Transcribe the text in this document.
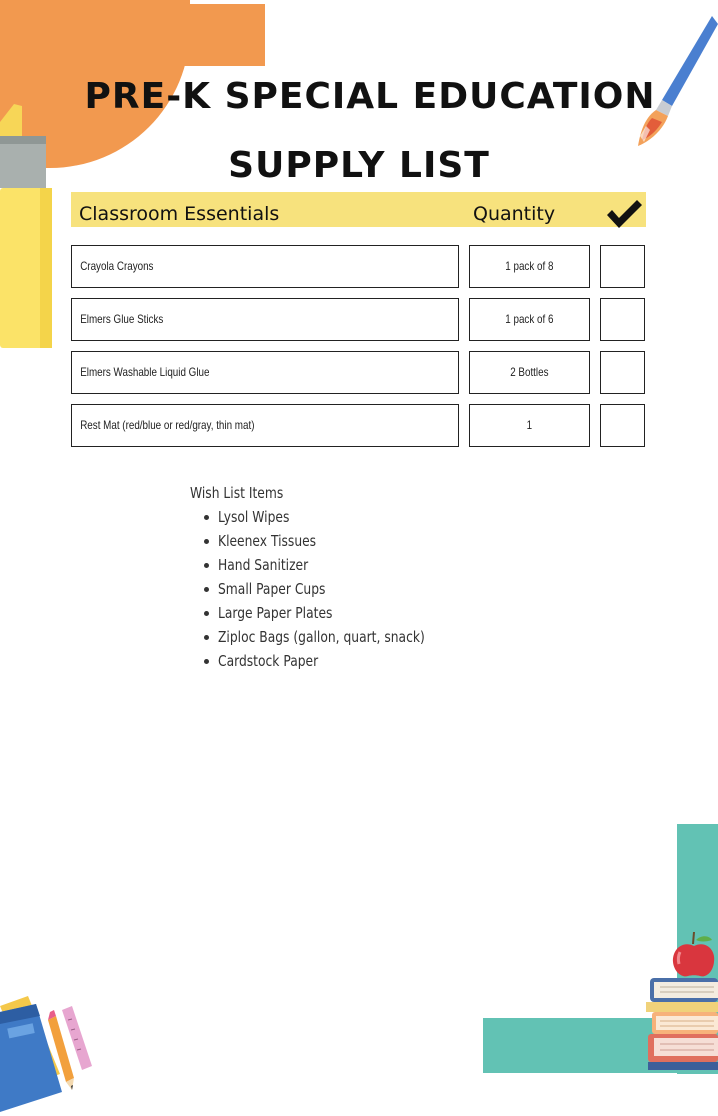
PRE-K SPECIAL EDUCATION
SUPPLY LIST
Classroom Essentials	Quantity
Crayola Crayons	1 pack of 8
Elmers Glue Sticks	1 pack of 6
Elmers Washable Liquid Glue	2 Bottles
Rest Mat (red/blue or red/gray, thin mat)	1
Wish List Items
Lysol Wipes
Kleenex Tissues
Hand Sanitizer
Small Paper Cups
Large Paper Plates
Ziploc Bags (gallon, quart, snack)
Cardstock Paper
